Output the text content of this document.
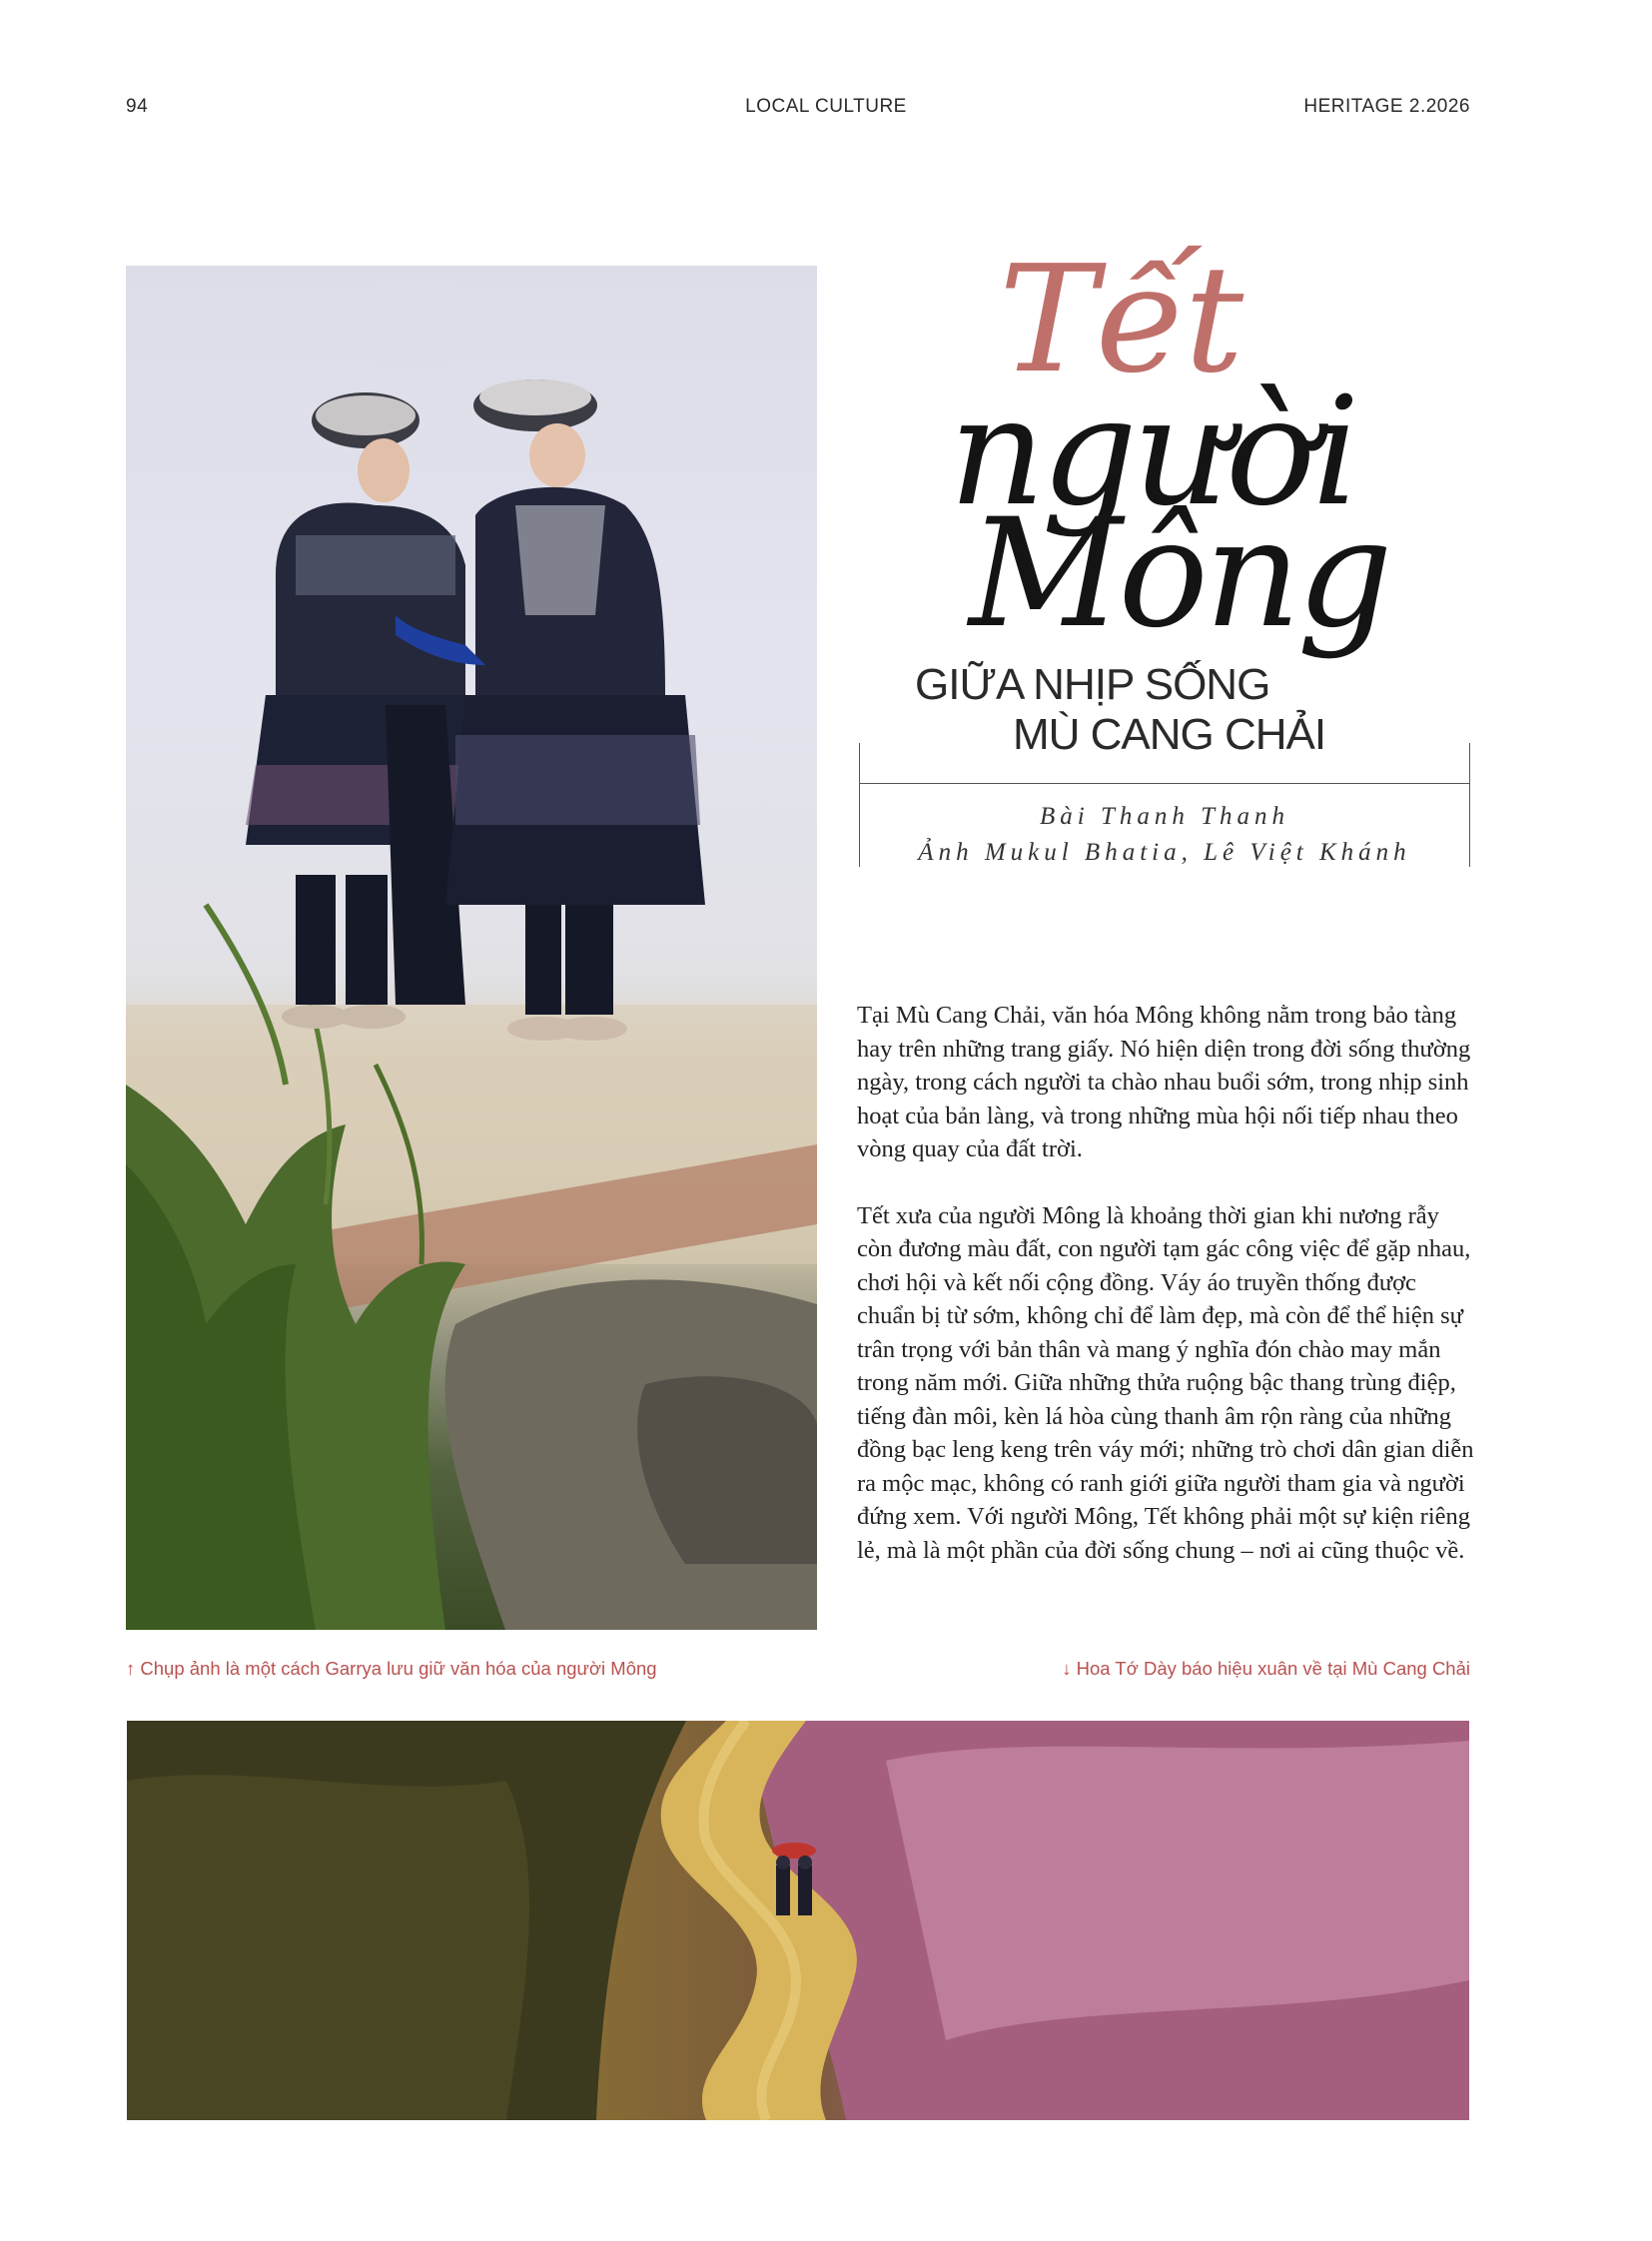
94	LOCAL CULTURE	HERITAGE 2.2026
Tết
người
Mông
GIỮA NHỊP SỐNG
MÙ CANG CHẢI
Bài Thanh Thanh
Ảnh Mukul Bhatia, Lê Việt Khánh

Tại Mù Cang Chải, văn hóa Mông không nằm trong bảo tàng hay trên những trang giấy. Nó hiện diện trong đời sống thường ngày, trong cách người ta chào nhau buổi sớm, trong nhịp sinh hoạt của bản làng, và trong những mùa hội nối tiếp nhau theo vòng quay của đất trời.

Tết xưa của người Mông là khoảng thời gian khi nương rẫy còn đương màu đất, con người tạm gác công việc để gặp nhau, chơi hội và kết nối cộng đồng. Váy áo truyền thống được chuẩn bị từ sớm, không chỉ để làm đẹp, mà còn để thể hiện sự trân trọng với bản thân và mang ý nghĩa đón chào may mắn trong năm mới. Giữa những thửa ruộng bậc thang trùng điệp, tiếng đàn môi, kèn lá hòa cùng thanh âm rộn ràng của những đồng bạc leng keng trên váy mới; những trò chơi dân gian diễn ra mộc mạc, không có ranh giới giữa người tham gia và người đứng xem. Với người Mông, Tết không phải một sự kiện riêng lẻ, mà là một phần của đời sống chung – nơi ai cũng thuộc về.

↑ Chụp ảnh là một cách Garrya lưu giữ văn hóa của người Mông	↓ Hoa Tớ Dày báo hiệu xuân về tại Mù Cang Chải
